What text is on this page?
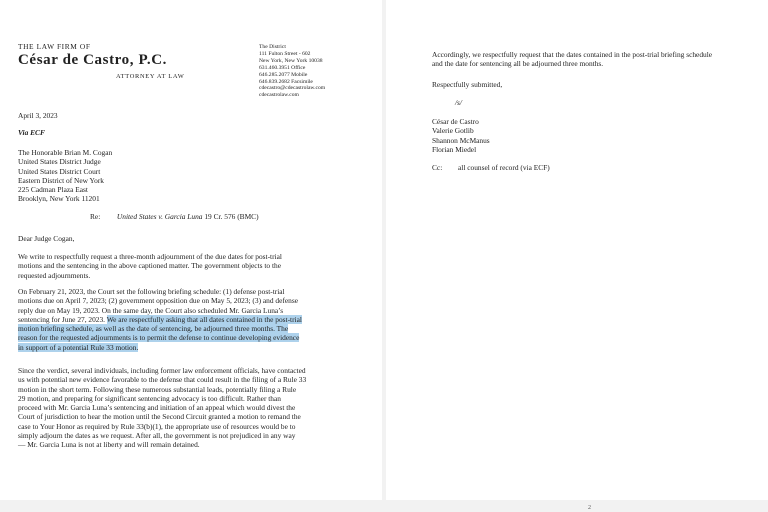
THE LAW FIRM OF
César de Castro, P.C.
ATTORNEY AT LAW
The District
111 Fulton Street - 602
New York, New York 10038
631.460.3951 Office
646.285.2077 Mobile
646.839.2682 Facsimile
cdecastro@cdecastrolaw.com
cdecastrolaw.com
April 3, 2023
Via ECF
The Honorable Brian M. Cogan
United States District Judge
United States District Court
Eastern District of New York
225 Cadman Plaza East
Brooklyn, New York 11201
Re: United States v. Garcia Luna 19 Cr. 576 (BMC)
Dear Judge Cogan,
We write to respectfully request a three-month adjournment of the due dates for post-trial
motions and the sentencing in the above captioned matter. The government objects to the
requested adjournments.
On February 21, 2023, the Court set the following briefing schedule: (1) defense post-trial
motions due on April 7, 2023; (2) government opposition due on May 5, 2023; (3) and defense
reply due on May 19, 2023. On the same day, the Court also scheduled Mr. Garcia Luna’s
sentencing for June 27, 2023. We are respectfully asking that all dates contained in the post-trial
motion briefing schedule, as well as the date of sentencing, be adjourned three months. The
reason for the requested adjournments is to permit the defense to continue developing evidence
in support of a potential Rule 33 motion.
Since the verdict, several individuals, including former law enforcement officials, have contacted
us with potential new evidence favorable to the defense that could result in the filing of a Rule 33
motion in the short term. Following these numerous substantial leads, potentially filing a Rule
29 motion, and preparing for significant sentencing advocacy is too difficult. Rather than
proceed with Mr. Garcia Luna’s sentencing and initiation of an appeal which would divest the
Court of jurisdiction to hear the motion until the Second Circuit granted a motion to remand the
case to Your Honor as required by Rule 33(b)(1), the appropriate use of resources would be to
simply adjourn the dates as we request. After all, the government is not prejudiced in any way
— Mr. Garcia Luna is not at liberty and will remain detained.
Accordingly, we respectfully request that the dates contained in the post-trial briefing schedule
and the date for sentencing all be adjourned three months.
Respectfully submitted,
/s/
César de Castro
Valerie Gotlib
Shannon McManus
Florian Miedel
Cc: all counsel of record (via ECF)
2
